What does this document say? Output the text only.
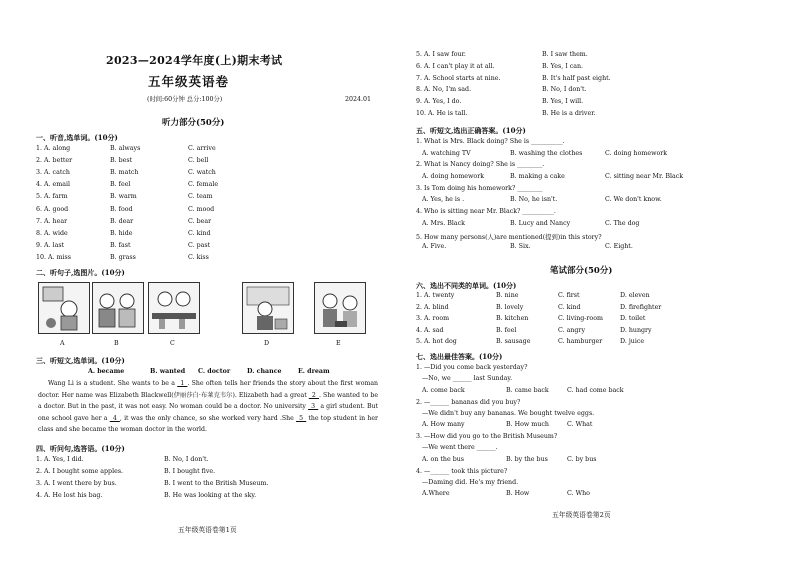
2023—2024学年度(上)期末考试
五年级英语卷
(时间:60分钟 总分:100分)	2024.01
听力部分(50分)
一、听音,选单词。(10分)
1. A. along	B. always	C. arrive
2. A. better	B. best	C. bell
3. A. catch	B. match	C. watch
4. A. email	B. feel	C. female
5. A. farm	B. warm	C. team
6. A. good	B. food	C. mood
7. A. hear	B. dear	C. bear
8. A. wide	B. hide	C. kind
9. A. last	B. fast	C. past
10. A. miss	B. grass	C. kiss
二、听句子,选图片。(10分)
A	B	C	D	E
三、听短文,选单词。(10分)
A. became	B. wanted C. doctor	D. chance	E. dream
Wang Li is a student. She wants to be a _1_. She often tells her friends the story about the first woman doctor. Her name was Elizabeth Blackwell(伊丽莎白·布莱克韦尔). Elizabeth had a great _2_. She wanted to be a doctor. But in the past, it was not easy. No woman could be a doctor. No university _3_ a girl student. But one school gave her a _4_, it was the only chance, so she worked very hard .She _5_ the top student in her class and she became the woman doctor in the world.
四、听问句,选答语。(10分)
1. A. Yes, I did.	B. No, I don't.
2. A. I bought some apples.	B. I bought five.
3. A. I went there by bus.	B. I went to the British Museum.
4. A. He lost his bag.	B. He was looking at the sky.
五年级英语卷第1页
5. A. I saw four.	B. I saw them.
6. A. I can't play it at all.	B. Yes, I can.
7. A. School starts at nine.	B. It's half past eight.
8. A. No, I'm sad.	B. No, I don't.
9. A. Yes, I do.	B. Yes, I will.
10. A. He is tall.	B. He is a driver.
五、听短文,选出正确答案。(10分)
1. What is Mrs. Black doing? She is __________.
A. watching TV	B. washing the clothes	C. doing homework
2. What is Nancy doing? She is ________.
A. doing homework	B. making a cake	C. sitting near Mr. Black
3. Is Tom doing his homework? ________
A. Yes, he is .	B. No, he isn't.	C. We don't know.
4. Who is sitting near Mr. Black? __________.
A. Mrs. Black	B. Lucy and Nancy	C. The dog
5. How many persons(人)are mentioned(提到)in this story?
A. Five.	B. Six.	C. Eight.
笔试部分(50分)
六、选出不同类的单词。(10分)
1. A. twenty	B. nine	C. first	D. eleven
2. A. blind	B. lovely	C. kind	D. firefighter
3. A. room	B. kitchen	C. living-room	D. toilet
4. A. sad	B. feel	C. angry	D. hungry
5. A. hot dog	B. sausage	C. hamburger	D. juice
七、选出最佳答案。(10分)
1. —Did you come back yesterday?
—No, we ______ last Sunday.
A. come back	B. came back	C. had come back
2. —______ bananas did you buy?
—We didn't buy any bananas. We bought twelve eggs.
A. How many	B. How much	C. What
3. —How did you go to the British Museum?
—We went there ______.
A. on the bus	B. by the bus	C. by bus
4. —______ took this picture?
—Daming did. He's my friend.
A.Where	B. How	C. Who
五年级英语卷第2页
